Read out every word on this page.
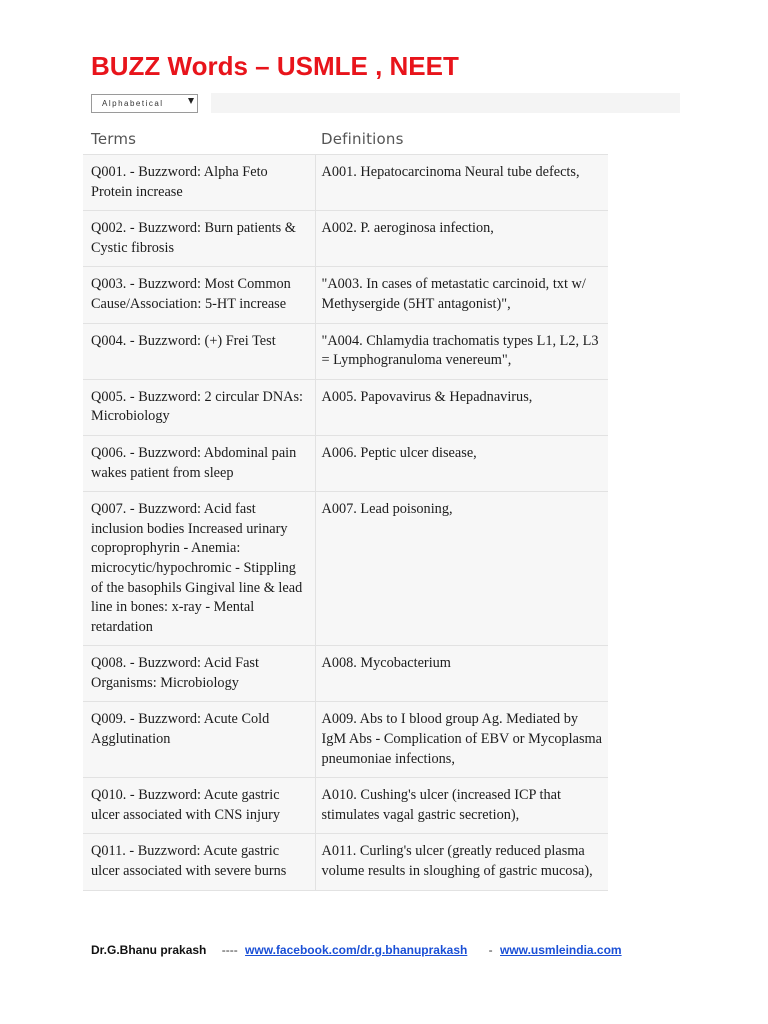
BUZZ Words – USMLE , NEET
Alphabetical
Terms	Definitions
Q001. - Buzzword: Alpha Feto Protein increase	A001. Hepatocarcinoma Neural tube defects,
Q002. - Buzzword: Burn patients & Cystic fibrosis	A002. P. aeroginosa infection,
Q003. - Buzzword: Most Common Cause/Association: 5-HT increase	"A003. In cases of metastatic carcinoid, txt w/ Methysergide (5HT antagonist)",
Q004. - Buzzword: (+) Frei Test	"A004. Chlamydia trachomatis types L1, L2, L3 = Lymphogranuloma venereum",
Q005. - Buzzword: 2 circular DNAs: Microbiology	A005. Papovavirus & Hepadnavirus,
Q006. - Buzzword: Abdominal pain wakes patient from sleep	A006. Peptic ulcer disease,
Q007. - Buzzword: Acid fast inclusion bodies Increased urinary coproprophyrin - Anemia: microcytic/hypochromic - Stippling of the basophils Gingival line & lead line in bones: x-ray - Mental retardation	A007. Lead poisoning,
Q008. - Buzzword: Acid Fast Organisms: Microbiology	A008. Mycobacterium
Q009. - Buzzword: Acute Cold Agglutination	A009. Abs to I blood group Ag. Mediated by IgM Abs - Complication of EBV or Mycoplasma pneumoniae infections,
Q010. - Buzzword: Acute gastric ulcer associated with CNS injury	A010. Cushing's ulcer (increased ICP that stimulates vagal gastric secretion),
Q011. - Buzzword: Acute gastric ulcer associated with severe burns	A011. Curling's ulcer (greatly reduced plasma volume results in sloughing of gastric mucosa),
Dr.G.Bhanu prakash ---- www.facebook.com/dr.g.bhanuprakash - www.usmleindia.com
